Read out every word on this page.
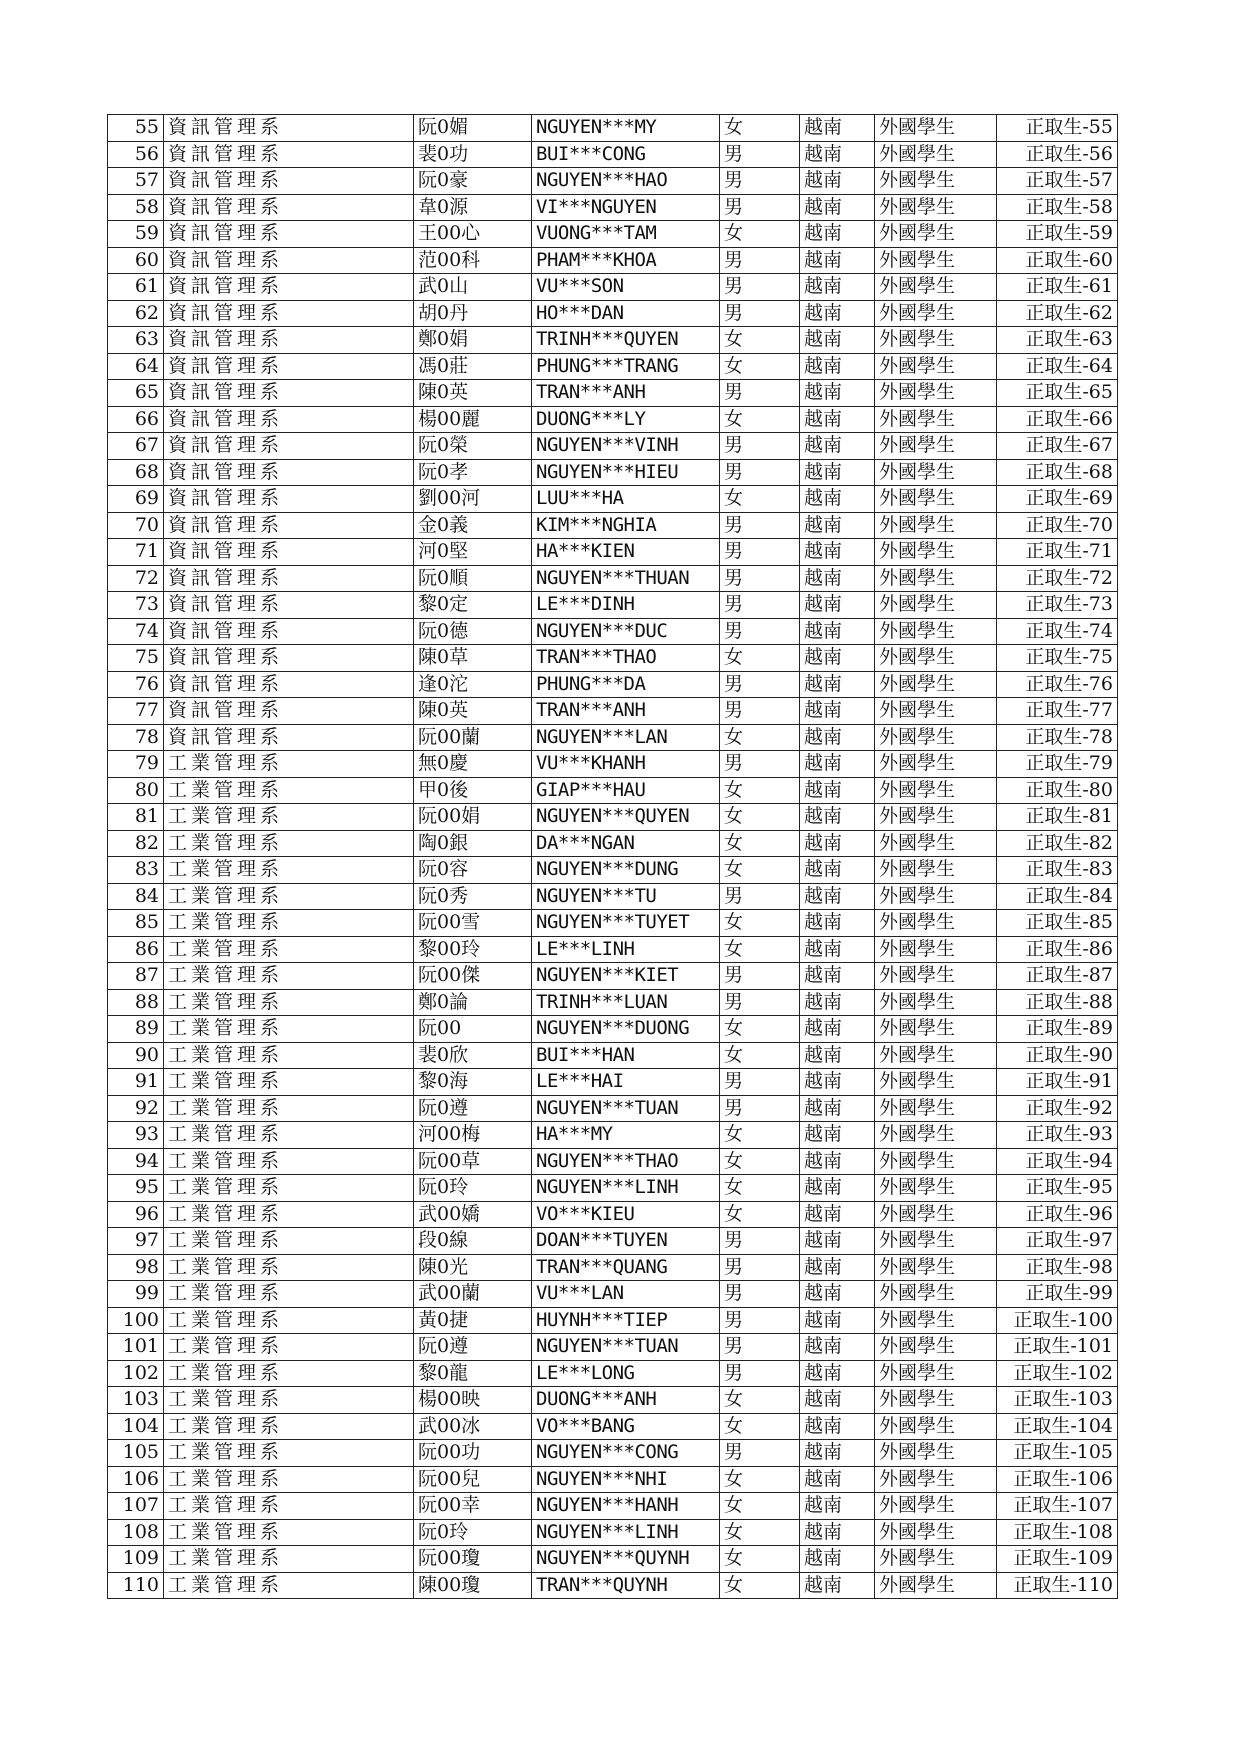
55	資訊管理系	阮0媚	NGUYEN***MY	女	越南	外國學生	正取生-55
56	資訊管理系	裴0功	BUI***CONG	男	越南	外國學生	正取生-56
57	資訊管理系	阮0豪	NGUYEN***HAO	男	越南	外國學生	正取生-57
58	資訊管理系	韋0源	VI***NGUYEN	男	越南	外國學生	正取生-58
59	資訊管理系	王00心	VUONG***TAM	女	越南	外國學生	正取生-59
60	資訊管理系	范00科	PHAM***KHOA	男	越南	外國學生	正取生-60
61	資訊管理系	武0山	VU***SON	男	越南	外國學生	正取生-61
62	資訊管理系	胡0丹	HO***DAN	男	越南	外國學生	正取生-62
63	資訊管理系	鄭0娟	TRINH***QUYEN	女	越南	外國學生	正取生-63
64	資訊管理系	馮0莊	PHUNG***TRANG	女	越南	外國學生	正取生-64
65	資訊管理系	陳0英	TRAN***ANH	男	越南	外國學生	正取生-65
66	資訊管理系	楊00麗	DUONG***LY	女	越南	外國學生	正取生-66
67	資訊管理系	阮0榮	NGUYEN***VINH	男	越南	外國學生	正取生-67
68	資訊管理系	阮0孝	NGUYEN***HIEU	男	越南	外國學生	正取生-68
69	資訊管理系	劉00河	LUU***HA	女	越南	外國學生	正取生-69
70	資訊管理系	金0義	KIM***NGHIA	男	越南	外國學生	正取生-70
71	資訊管理系	河0堅	HA***KIEN	男	越南	外國學生	正取生-71
72	資訊管理系	阮0順	NGUYEN***THUAN	男	越南	外國學生	正取生-72
73	資訊管理系	黎0定	LE***DINH	男	越南	外國學生	正取生-73
74	資訊管理系	阮0德	NGUYEN***DUC	男	越南	外國學生	正取生-74
75	資訊管理系	陳0草	TRAN***THAO	女	越南	外國學生	正取生-75
76	資訊管理系	逢0沱	PHUNG***DA	男	越南	外國學生	正取生-76
77	資訊管理系	陳0英	TRAN***ANH	男	越南	外國學生	正取生-77
78	資訊管理系	阮00蘭	NGUYEN***LAN	女	越南	外國學生	正取生-78
79	工業管理系	無0慶	VU***KHANH	男	越南	外國學生	正取生-79
80	工業管理系	甲0後	GIAP***HAU	女	越南	外國學生	正取生-80
81	工業管理系	阮00娟	NGUYEN***QUYEN	女	越南	外國學生	正取生-81
82	工業管理系	陶0銀	DA***NGAN	女	越南	外國學生	正取生-82
83	工業管理系	阮0容	NGUYEN***DUNG	女	越南	外國學生	正取生-83
84	工業管理系	阮0秀	NGUYEN***TU	男	越南	外國學生	正取生-84
85	工業管理系	阮00雪	NGUYEN***TUYET	女	越南	外國學生	正取生-85
86	工業管理系	黎00玲	LE***LINH	女	越南	外國學生	正取生-86
87	工業管理系	阮00傑	NGUYEN***KIET	男	越南	外國學生	正取生-87
88	工業管理系	鄭0論	TRINH***LUAN	男	越南	外國學生	正取生-88
89	工業管理系	阮00	NGUYEN***DUONG	女	越南	外國學生	正取生-89
90	工業管理系	裴0欣	BUI***HAN	女	越南	外國學生	正取生-90
91	工業管理系	黎0海	LE***HAI	男	越南	外國學生	正取生-91
92	工業管理系	阮0遵	NGUYEN***TUAN	男	越南	外國學生	正取生-92
93	工業管理系	河00梅	HA***MY	女	越南	外國學生	正取生-93
94	工業管理系	阮00草	NGUYEN***THAO	女	越南	外國學生	正取生-94
95	工業管理系	阮0玲	NGUYEN***LINH	女	越南	外國學生	正取生-95
96	工業管理系	武00嬌	VO***KIEU	女	越南	外國學生	正取生-96
97	工業管理系	段0線	DOAN***TUYEN	男	越南	外國學生	正取生-97
98	工業管理系	陳0光	TRAN***QUANG	男	越南	外國學生	正取生-98
99	工業管理系	武00蘭	VU***LAN	男	越南	外國學生	正取生-99
100	工業管理系	黃0捷	HUYNH***TIEP	男	越南	外國學生	正取生-100
101	工業管理系	阮0遵	NGUYEN***TUAN	男	越南	外國學生	正取生-101
102	工業管理系	黎0龍	LE***LONG	男	越南	外國學生	正取生-102
103	工業管理系	楊00映	DUONG***ANH	女	越南	外國學生	正取生-103
104	工業管理系	武00冰	VO***BANG	女	越南	外國學生	正取生-104
105	工業管理系	阮00功	NGUYEN***CONG	男	越南	外國學生	正取生-105
106	工業管理系	阮00兒	NGUYEN***NHI	女	越南	外國學生	正取生-106
107	工業管理系	阮00幸	NGUYEN***HANH	女	越南	外國學生	正取生-107
108	工業管理系	阮0玲	NGUYEN***LINH	女	越南	外國學生	正取生-108
109	工業管理系	阮00瓊	NGUYEN***QUYNH	女	越南	外國學生	正取生-109
110	工業管理系	陳00瓊	TRAN***QUYNH	女	越南	外國學生	正取生-110
